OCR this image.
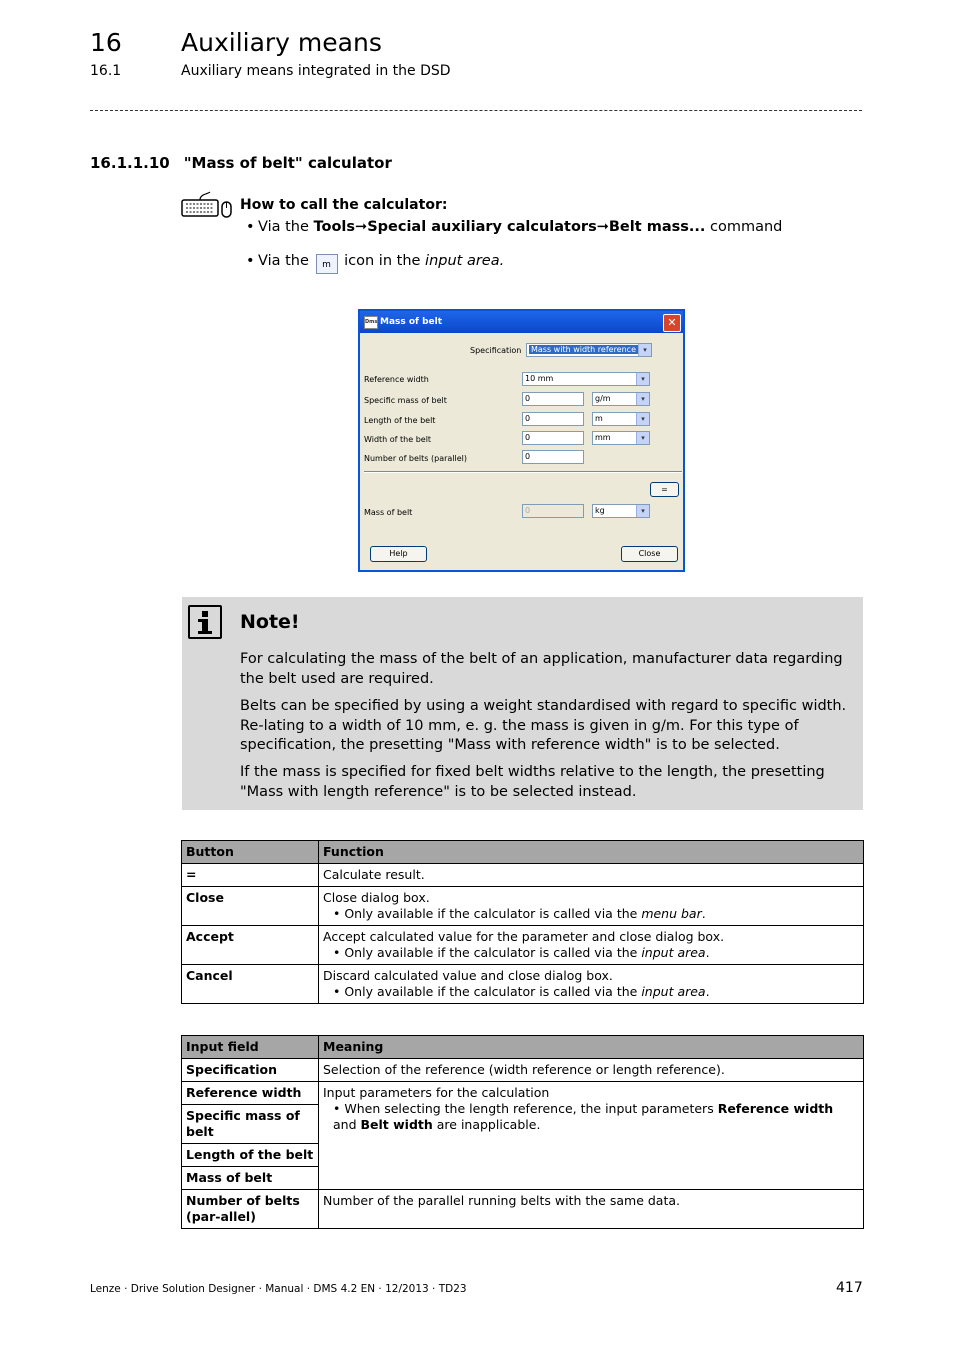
16 Auxiliary means
16.1	Auxiliary means integrated in the DSD
16.1.1.10 "Mass of belt" calculator
How to call the calculator:
• Via the Tools➞Special auxiliary calculators➞Belt mass... command
• Via the m icon in the input area.
Dms Mass of belt	✕
Specification	Mass with width reference	▾
Reference width	10 mm	▾
Specific mass of belt	0	g/m	▾
Length of the belt	0	m	▾
Width of the belt	0	mm	▾
Number of belts (parallel)	0
=
Mass of belt	0	kg	▾
Help	Close
Note!
For calculating the mass of the belt of an application, manufacturer data regarding the belt used are required.
Belts can be specified by using a weight standardised with regard to specific width. Re-lating to a width of 10 mm, e. g. the mass is given in g/m. For this type of specification, the presetting "Mass with reference width" is to be selected.
If the mass is specified for fixed belt widths relative to the length, the presetting "Mass with length reference" is to be selected instead.
Button	Function
=	Calculate result.
Close	Close dialog box.
• Only available if the calculator is called via the menu bar.

Accept	Accept calculated value for the parameter and close dialog box.
• Only available if the calculator is called via the input area.

Cancel	Discard calculated value and close dialog box.
• Only available if the calculator is called via the input area.
Input field	Meaning
Specification	Selection of the reference (width reference or length reference).
Reference width	Input parameters for the calculation
• When selecting the length reference, the input parameters Reference width and Belt width are inapplicable.

Specific mass of belt	
Length of the belt	
Mass of belt	
Number of belts (par-allel)	Number of the parallel running belts with the same data.
Lenze · Drive Solution Designer · Manual · DMS 4.2 EN · 12/2013 · TD23	417
